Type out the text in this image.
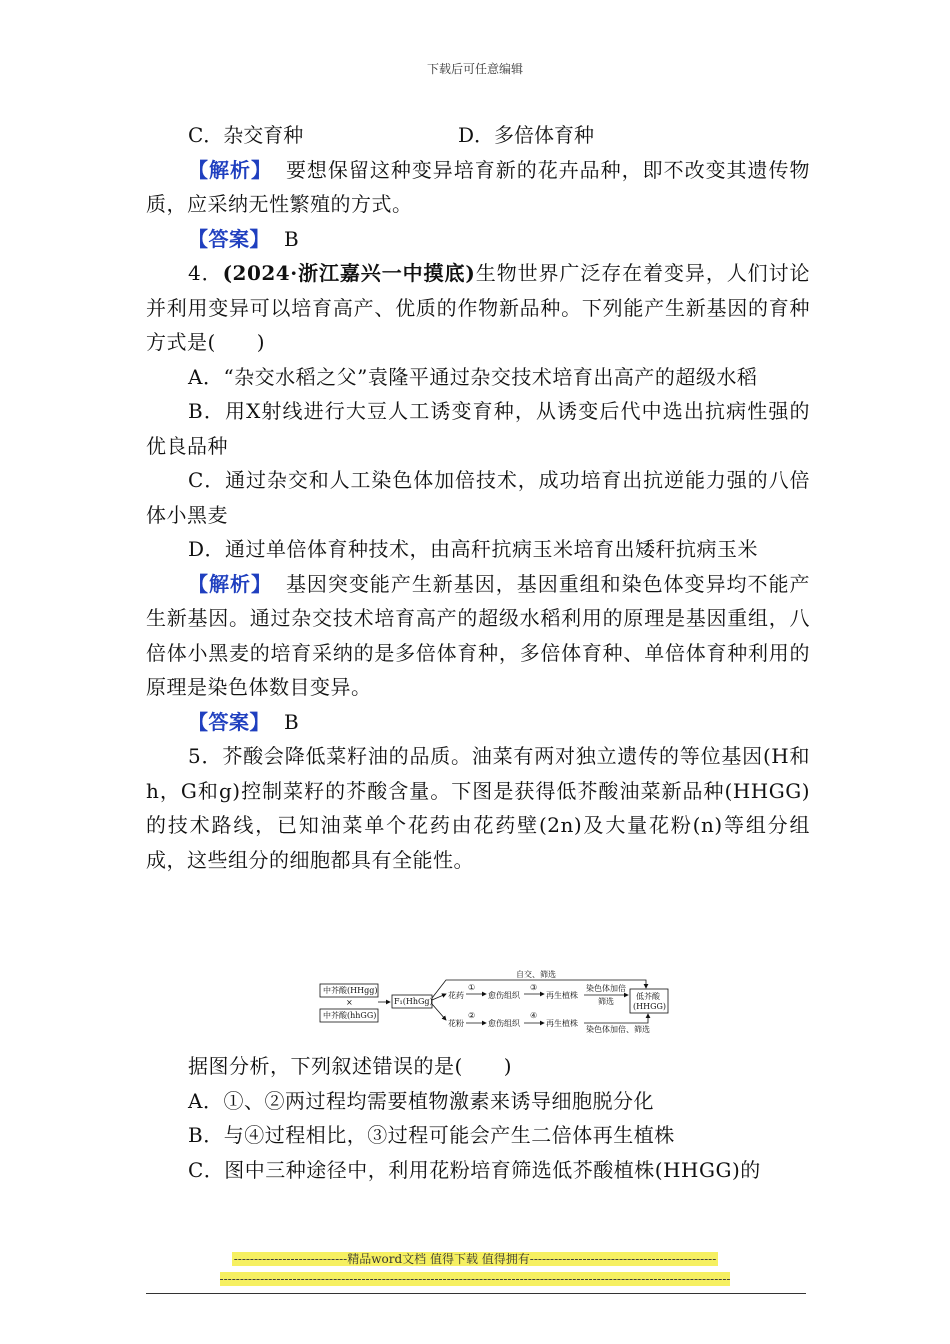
下载后可任意编辑
C．杂交育种	D．多倍体育种

【解析】 要想保留这种变异培育新的花卉品种，即不改变其遗传物质，应采纳无性繁殖的方式。

【答案】 B

4．(2024·浙江嘉兴一中摸底)生物世界广泛存在着变异，人们讨论并利用变异可以培育高产、优质的作物新品种。下列能产生新基因的育种方式是(　　)

A．“杂交水稻之父”袁隆平通过杂交技术培育出高产的超级水稻

B．用X射线进行大豆人工诱变育种，从诱变后代中选出抗病性强的优良品种

C．通过杂交和人工染色体加倍技术，成功培育出抗逆能力强的八倍体小黑麦

D．通过单倍体育种技术，由高秆抗病玉米培育出矮秆抗病玉米

【解析】 基因突变能产生新基因，基因重组和染色体变异均不能产生新基因。通过杂交技术培育高产的超级水稻利用的原理是基因重组，八倍体小黑麦的培育采纳的是多倍体育种，多倍体育种、单倍体育种利用的原理是染色体数目变异。

【答案】 B

5．芥酸会降低菜籽油的品质。油菜有两对独立遗传的等位基因(H和h，G和g)控制菜籽的芥酸含量。下图是获得低芥酸油菜新品种(HHGG)的技术路线，已知油菜单个花药由花药壁(2n)及大量花粉(n)等组分组成，这些组分的细胞都具有全能性。

中芥酸(HHgg)
×
中芥酸(hhGG)
F₁(HhGg)
自交、筛选
花药
①
愈伤组织
③
再生植株
染色体加倍
筛选
低芥酸
(HHGG)
花粉
②
愈伤组织
④
再生植株
染色体加倍、筛选

据图分析，下列叙述错误的是(　　)

A．①、②两过程均需要植物激素来诱导细胞脱分化

B．与④过程相比，③过程可能会产生二倍体再生植株

C．图中三种途径中，利用花粉培育筛选低芥酸植株(HHGG)的

----------------------------精品word文档 值得下载 值得拥有----------------------------------------------
------------------------------------------------------------------------------------------------------------------------------
